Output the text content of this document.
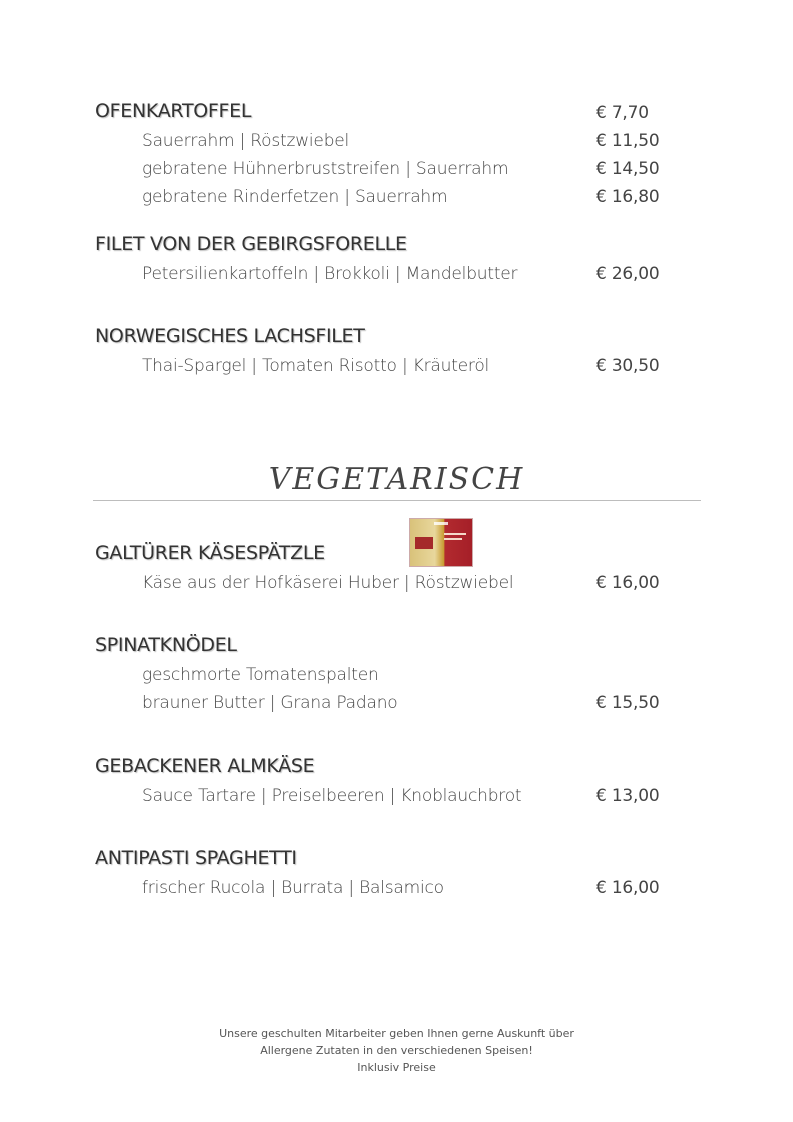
OFENKARTOFFEL	€ 7,70
Sauerrahm | Röstzwiebel	€ 11,50
gebratene Hühnerbruststreifen | Sauerrahm	€ 14,50
gebratene Rinderfetzen | Sauerrahm	€ 16,80
FILET VON DER GEBIRGSFORELLE
Petersilienkartoffeln | Brokkoli | Mandelbutter	€ 26,00
NORWEGISCHES LACHSFILET
Thai-Spargel | Tomaten Risotto | Kräuteröl	€ 30,50
VEGETARISCH
GALTÜRER KÄSESPÄTZLE
Käse aus der Hofkäserei Huber | Röstzwiebel	€ 16,00
SPINATKNÖDEL
geschmorte Tomatenspalten
brauner Butter | Grana Padano	€ 15,50
GEBACKENER ALMKÄSE
Sauce Tartare | Preiselbeeren | Knoblauchbrot	€ 13,00
ANTIPASTI SPAGHETTI
frischer Rucola | Burrata | Balsamico	€ 16,00
Unsere geschulten Mitarbeiter geben Ihnen gerne Auskunft über
Allergene Zutaten in den verschiedenen Speisen!
Inklusiv Preise
